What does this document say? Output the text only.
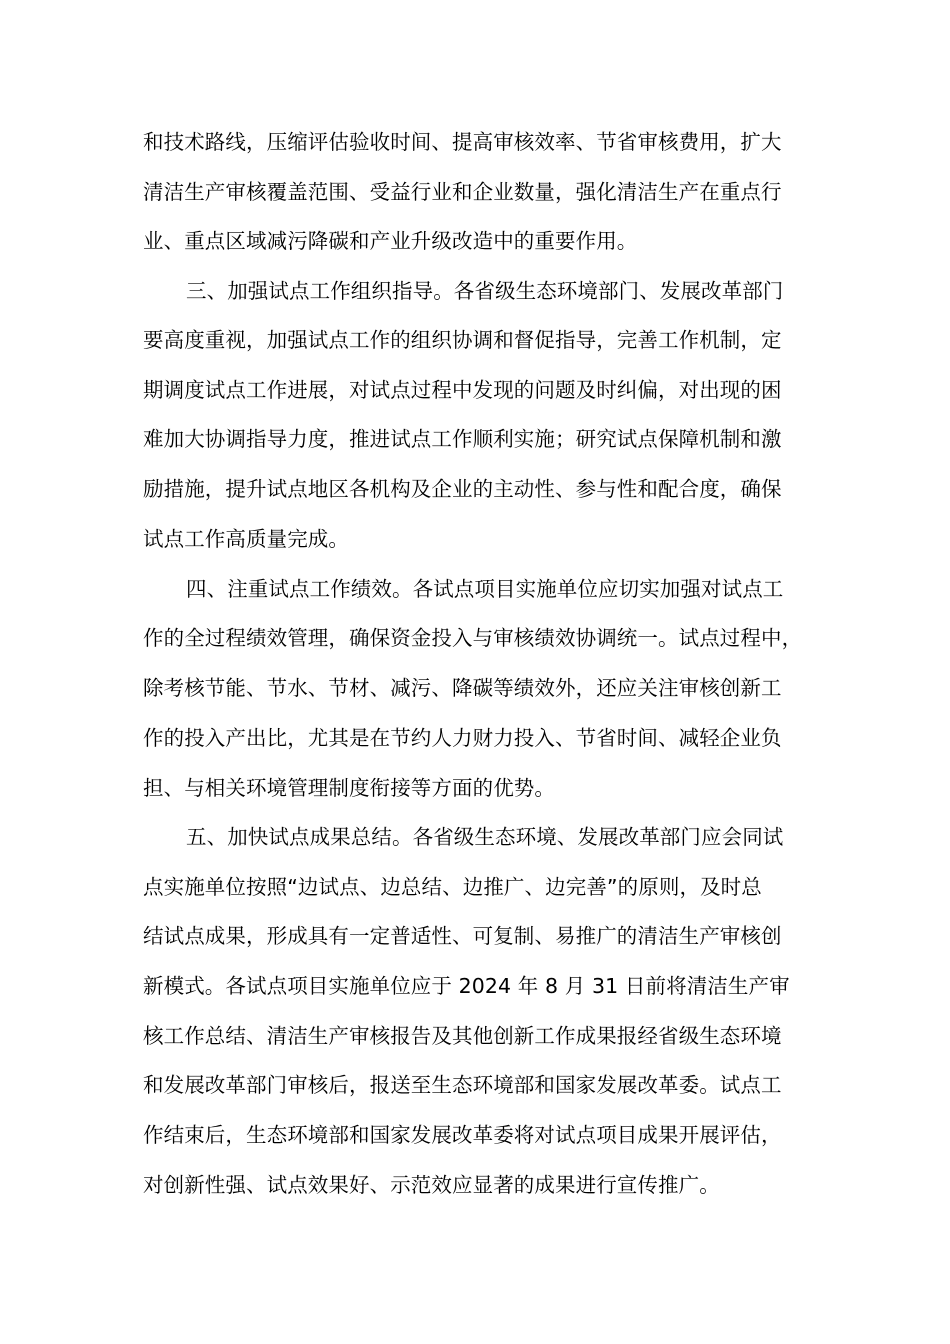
和技术路线，压缩评估验收时间、提高审核效率、节省审核费用，扩大
清洁生产审核覆盖范围、受益行业和企业数量，强化清洁生产在重点行
业、重点区域减污降碳和产业升级改造中的重要作用。
三、加强试点工作组织指导。各省级生态环境部门、发展改革部门
要高度重视，加强试点工作的组织协调和督促指导，完善工作机制，定
期调度试点工作进展，对试点过程中发现的问题及时纠偏，对出现的困
难加大协调指导力度，推进试点工作顺利实施；研究试点保障机制和激
励措施，提升试点地区各机构及企业的主动性、参与性和配合度，确保
试点工作高质量完成。
四、注重试点工作绩效。各试点项目实施单位应切实加强对试点工
作的全过程绩效管理，确保资金投入与审核绩效协调统一。试点过程中，
除考核节能、节水、节材、减污、降碳等绩效外，还应关注审核创新工
作的投入产出比，尤其是在节约人力财力投入、节省时间、减轻企业负
担、与相关环境管理制度衔接等方面的优势。
五、加快试点成果总结。各省级生态环境、发展改革部门应会同试
点实施单位按照“边试点、边总结、边推广、边完善”的原则，及时总
结试点成果，形成具有一定普适性、可复制、易推广的清洁生产审核创
新模式。各试点项目实施单位应于 2024 年 8 月 31 日前将清洁生产审
核工作总结、清洁生产审核报告及其他创新工作成果报经省级生态环境
和发展改革部门审核后，报送至生态环境部和国家发展改革委。试点工
作结束后，生态环境部和国家发展改革委将对试点项目成果开展评估，
对创新性强、试点效果好、示范效应显著的成果进行宣传推广。
